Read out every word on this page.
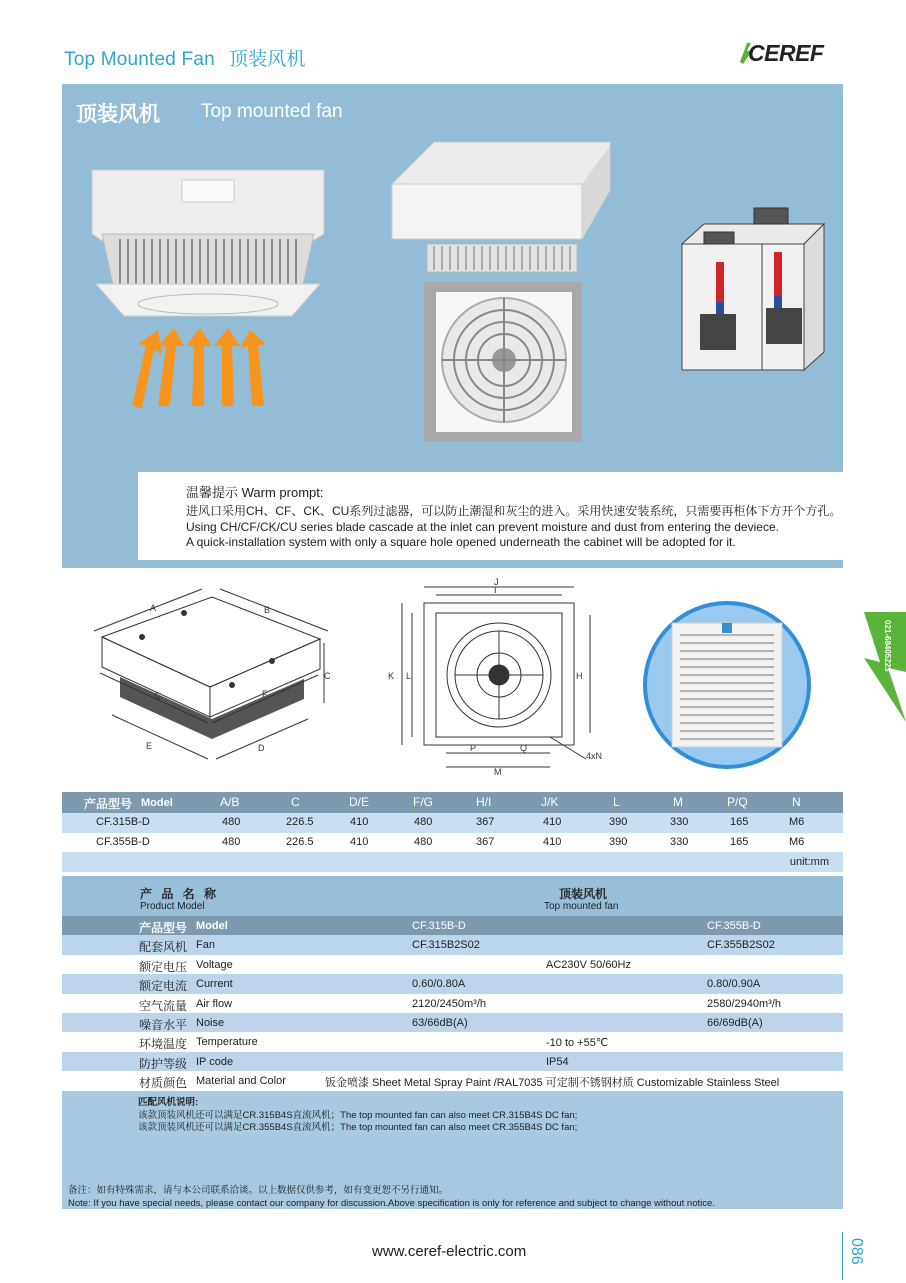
Top Mounted Fan 顶装风机	CEREF
顶装风机 Top mounted fan
温馨提示 Warm prompt:
进风口采用CH、CF、CK、CU系列过滤器，可以防止潮湿和灰尘的进入。采用快速安装系统，只需要再柜体下方开个方孔。
Using CH/CF/CK/CU series blade cascade at the inlet can prevent moisture and dust from entering the deviece.
A quick-installation system with only a square hole opened underneath the cabinet will be adopted for it.
A	B
C
G	F
E	D
J
I
K L	H
P	Q
M
4xN
021-68405223
产品型号 Model	A/B	C	D/E	F/G	H/I	J/K	L	M	P/Q	N
CF.315B-D	480	226.5	410	480	367	410	390	330	165	M6
CF.355B-D	480	226.5	410	480	367	410	390	330	165	M6
unit:mm
产 品 名 称
Product Model
顶装风机
Top mounted fan
产品型号 Model	CF.315B-D	CF.355B-D
配套风机 Fan	CF.315B2S02	CF.355B2S02
额定电压 Voltage	AC230V 50/60Hz
额定电流 Current	0.60/0.80A	0.80/0.90A
空气流量 Air flow	2120/2450m³/h	2580/2940m³/h
噪音水平 Noise	63/66dB(A)	66/69dB(A)
环境温度 Temperature	-10 to +55℃
防护等级 IP code	IP54
材质颜色 Material and Color	钣金喷漆 Sheet Metal Spray Paint /RAL7035 可定制不锈钢材质 Customizable Stainless Steel
匹配风机说明:
该款顶装风机还可以满足CR.315B4S直流风机；The top mounted fan can also meet CR.315B4S DC fan;
该款顶装风机还可以满足CR.355B4S直流风机；The top mounted fan can also meet CR.355B4S DC fan;
备注：如有特殊需求，请与本公司联系洽谈。以上数据仅供参考，如有变更恕不另行通知。
Note: If you have special needs, please contact our company for discussion.Above specification is only for reference and subject to change without notice.
www.ceref-electric.com	086
